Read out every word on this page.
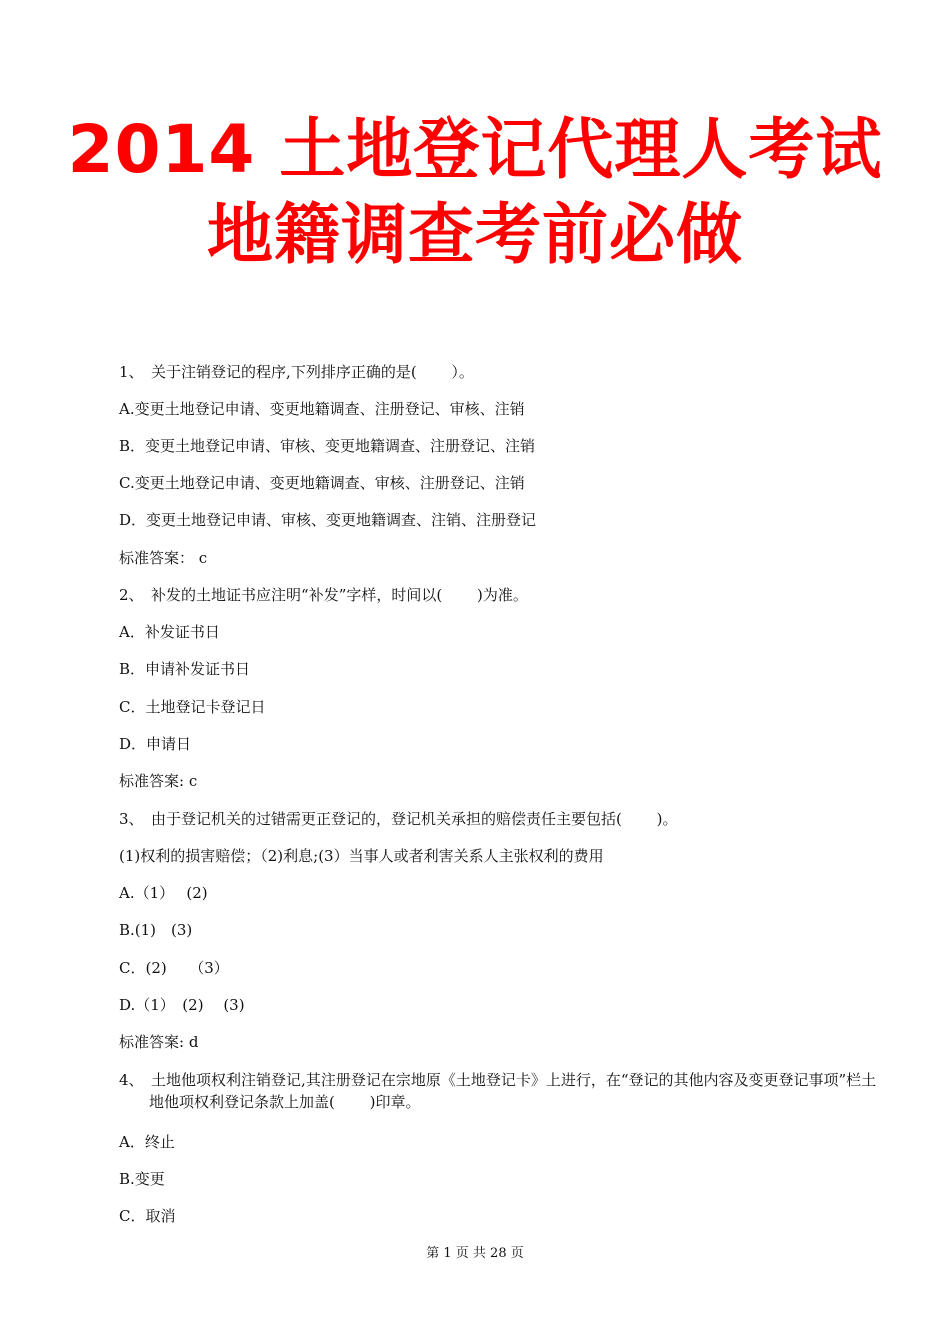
2014 土地登记代理人考试
地籍调查考前必做
1、　关于注销登记的程序,下列排序正确的是(　　 ）。
A.变更土地登记申请、变更地籍调查、注册登记、审核、注销
B．变更土地登记申请、审核、变更地籍调查、注册登记、注销
C.变更土地登记申请、变更地籍调查、审核、注册登记、注销
D．变更土地登记申请、审核、变更地籍调查、注销、注册登记
标准答案： c
2、　补发的土地证书应注明“补发”字样，时间以(　　 )为准。
A．补发证书日
B．申请补发证书日
C．土地登记卡登记日
D．申请日
标准答案: c
3、　由于登记机关的过错需更正登记的，登记机关承担的赔偿责任主要包括(　　 )。
(1)权利的损害赔偿；（2)利息;(3）当事人或者利害关系人主张权利的费用
A.（1）　 (2)
B.(1)　(3)
C．(2)　　（3）
D.（1）　(2)　 (3)
标准答案: d
4、　土地他项权利注销登记,其注册登记在宗地原《土地登记卡》上进行，在“登记的其他内容及变更登记事项”栏土地他项权利登记条款上加盖(　　 )印章。
A．终止
B.变更
C．取消
第 1 页 共 28 页
